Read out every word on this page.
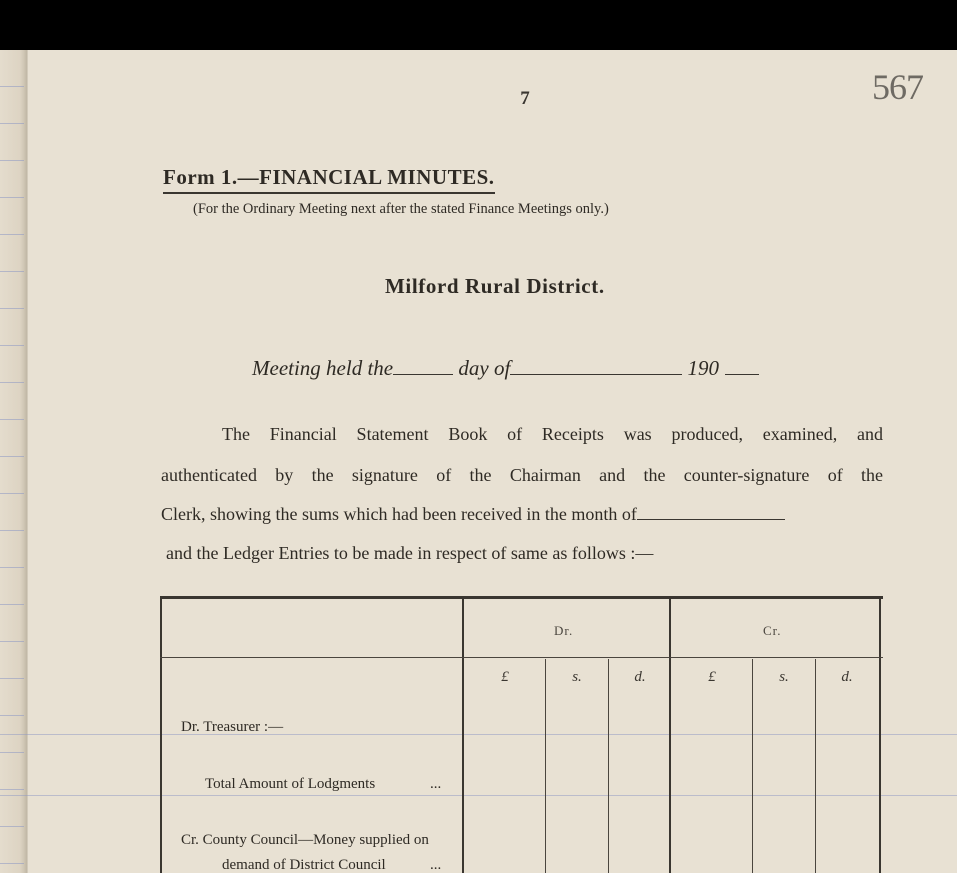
7	567
Form 1.—FINANCIAL MINUTES.
(For the Ordinary Meeting next after the stated Finance Meetings only.)
Milford Rural District.
Meeting held the	day of	190
The Financial Statement Book of Receipts was produced, examined, and
authenticated by the signature of the Chairman and the counter-signature of the
Clerk, showing the sums which had been received in the month of
and the Ledger Entries to be made in respect of same as follows :—
Dr.	Cr.
£	s.	d.	£	s.	d.
Dr. Treasurer :—
Total Amount of Lodgments	...
Cr. County Council—Money supplied on
demand of District Council	...
